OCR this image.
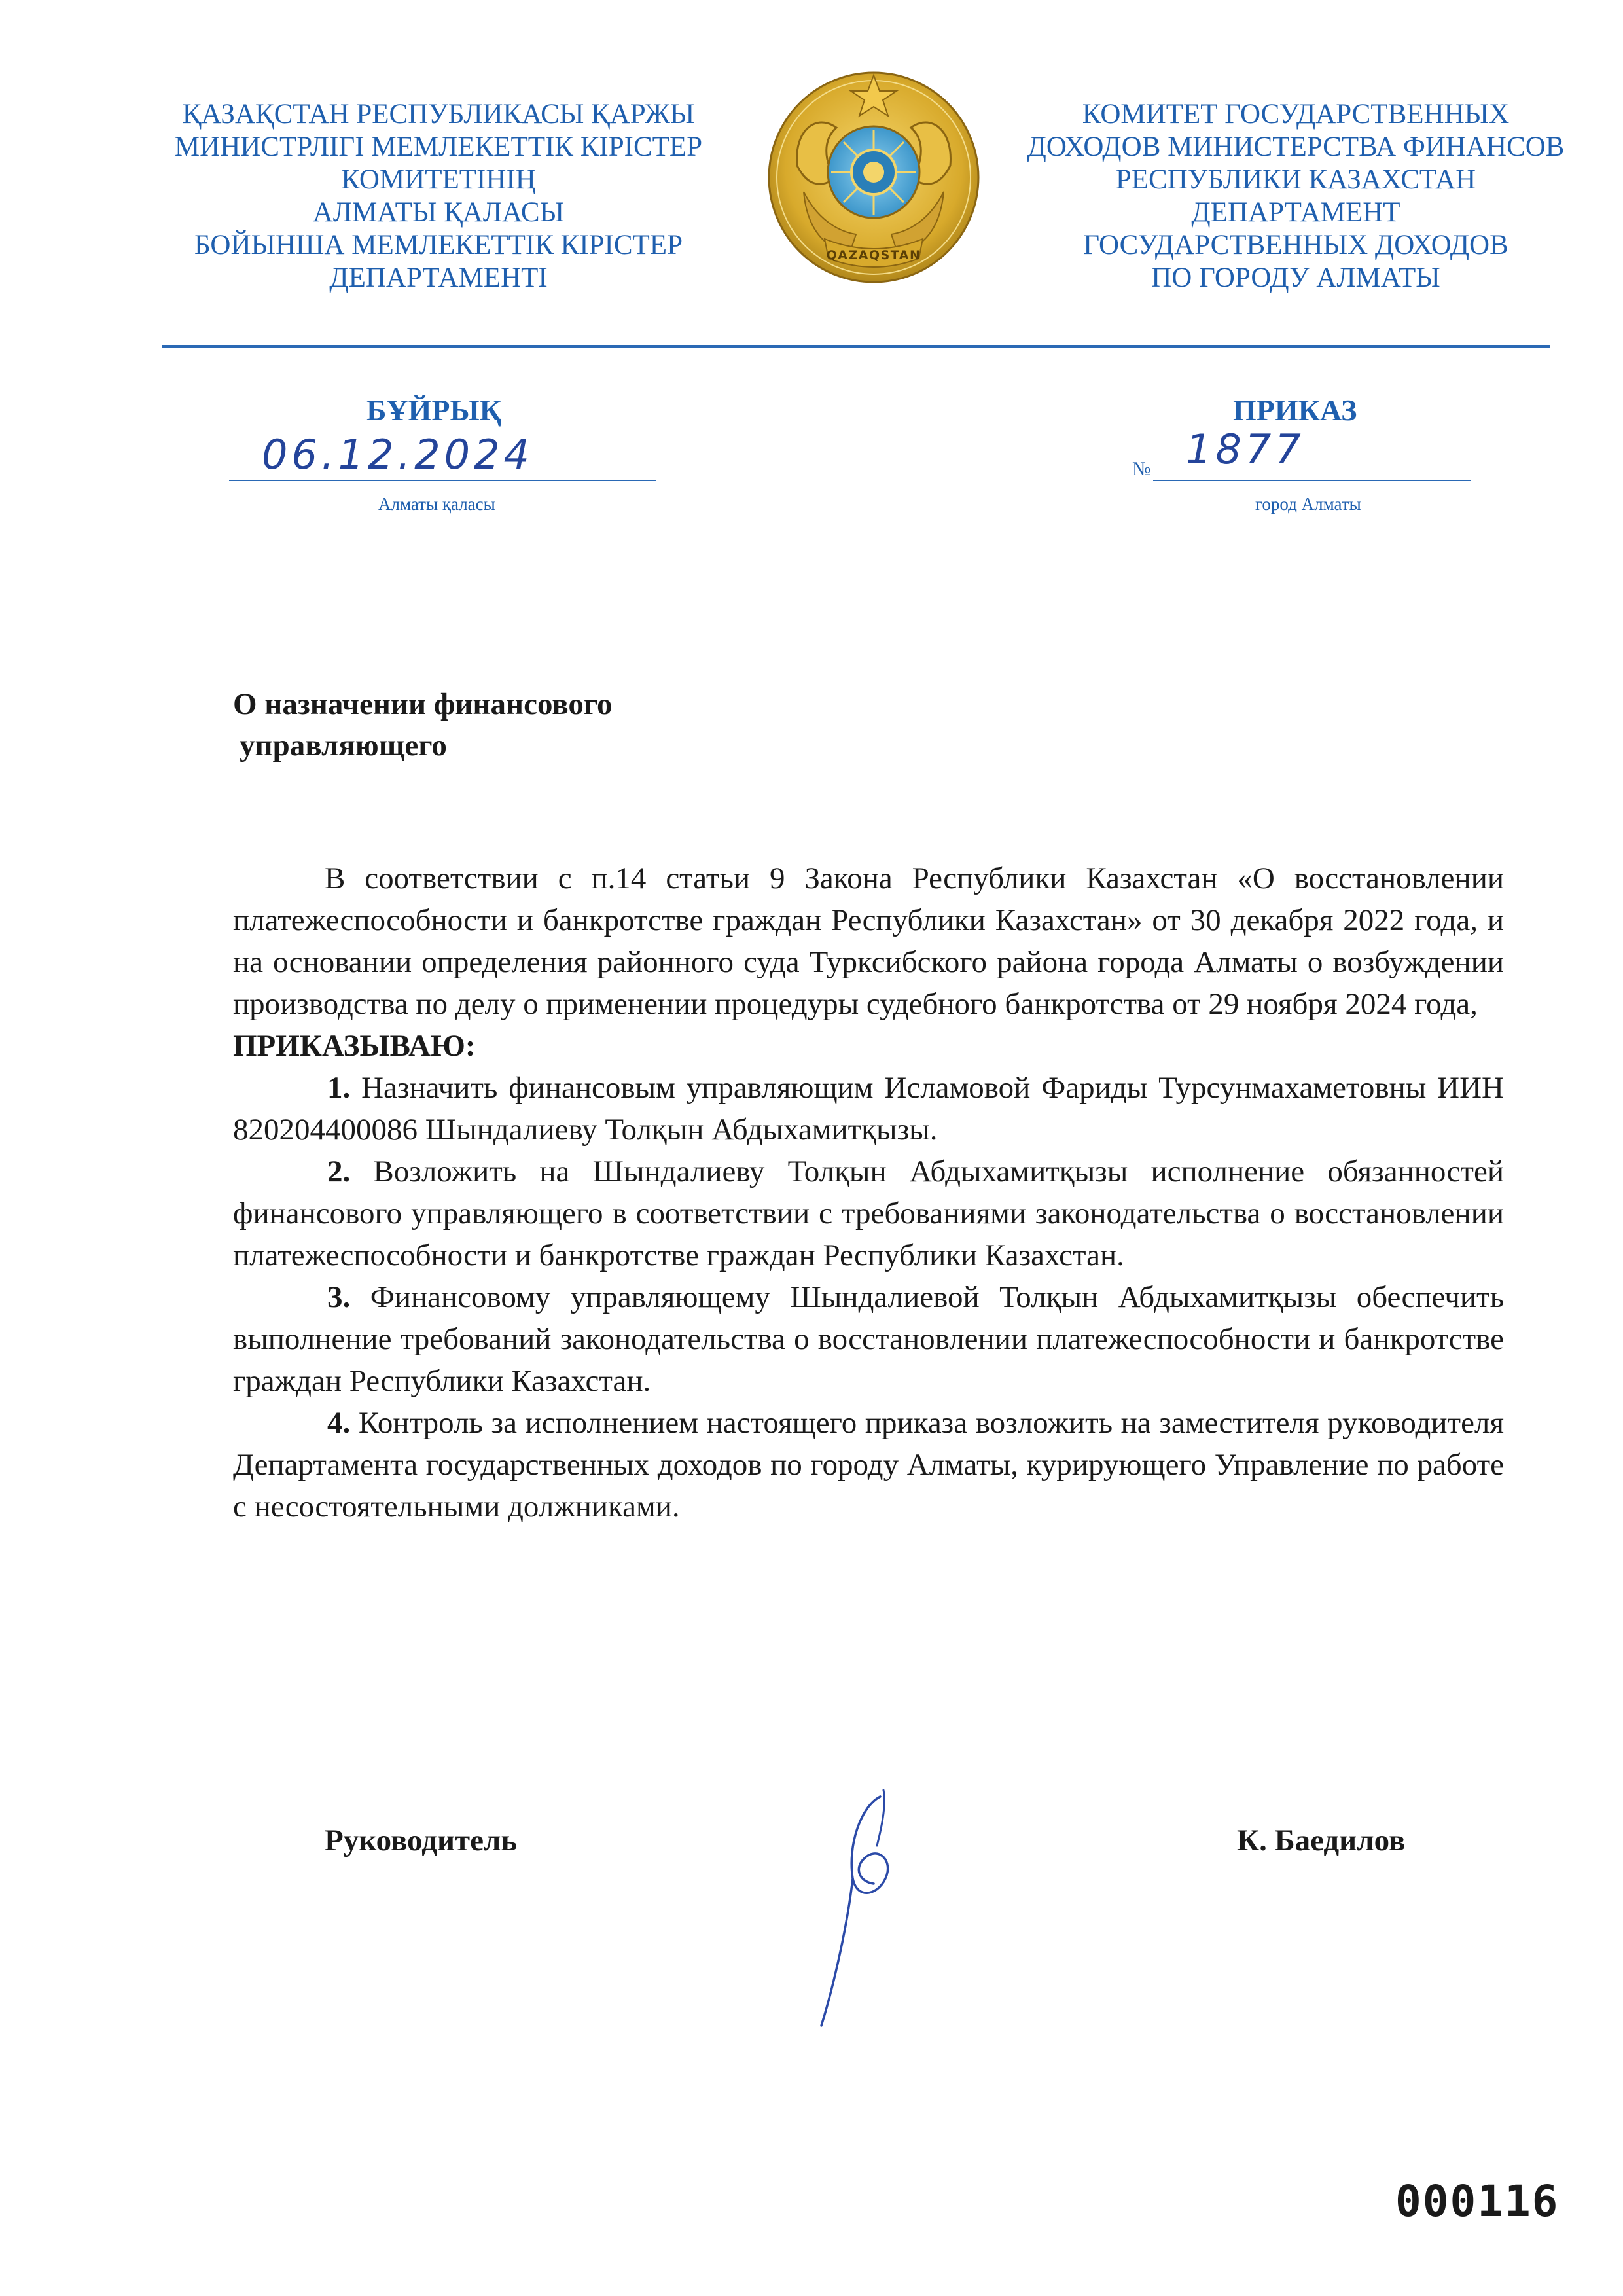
ҚАЗАҚСТАН РЕСПУБЛИКАСЫ ҚАРЖЫ
МИНИСТРЛІГІ МЕМЛЕКЕТТІК КІРІСТЕР
КОМИТЕТІНІҢ
АЛМАТЫ ҚАЛАСЫ
БОЙЫНША МЕМЛЕКЕТТІК КІРІСТЕР
ДЕПАРТАМЕНТІ
QAZAQSTAN
КОМИТЕТ ГОСУДАРСТВЕННЫХ
ДОХОДОВ МИНИСТЕРСТВА ФИНАНСОВ
РЕСПУБЛИКИ КАЗАХСТАН
ДЕПАРТАМЕНТ
ГОСУДАРСТВЕННЫХ ДОХОДОВ
ПО ГОРОДУ АЛМАТЫ
БҰЙРЫҚ	ПРИКАЗ
06.12.2024
Алматы қаласы
№ 1877
город Алматы
О назначении финансового
управляющего

В соответствии с п.14 статьи 9 Закона Республики Казахстан «О восстановлении платежеспособности и банкротстве граждан Республики Казахстан» от 30 декабря 2022 года, и на основании определения районного суда Турксибского района города Алматы о возбуждении производства по делу о применении процедуры судебного банкротства от 29 ноября 2024 года,

ПРИКАЗЫВАЮ:

1. Назначить финансовым управляющим Исламовой Фариды Турсунмахаметовны ИИН 820204400086 Шындалиеву Толқын Абдыхамитқызы.

2. Возложить на Шындалиеву Толқын Абдыхамитқызы исполнение обязанностей финансового управляющего в соответствии с требованиями законодательства о восстановлении платежеспособности и банкротстве граждан Республики Казахстан.

3. Финансовому управляющему Шындалиевой Толқын Абдыхамитқызы обеспечить выполнение требований законодательства о восстановлении платежеспособности и банкротстве граждан Республики Казахстан.

4. Контроль за исполнением настоящего приказа возложить на заместителя руководителя Департамента государственных доходов по городу Алматы, курирующего Управление по работе с несостоятельными должниками.

Руководитель	К. Баедилов
000116
